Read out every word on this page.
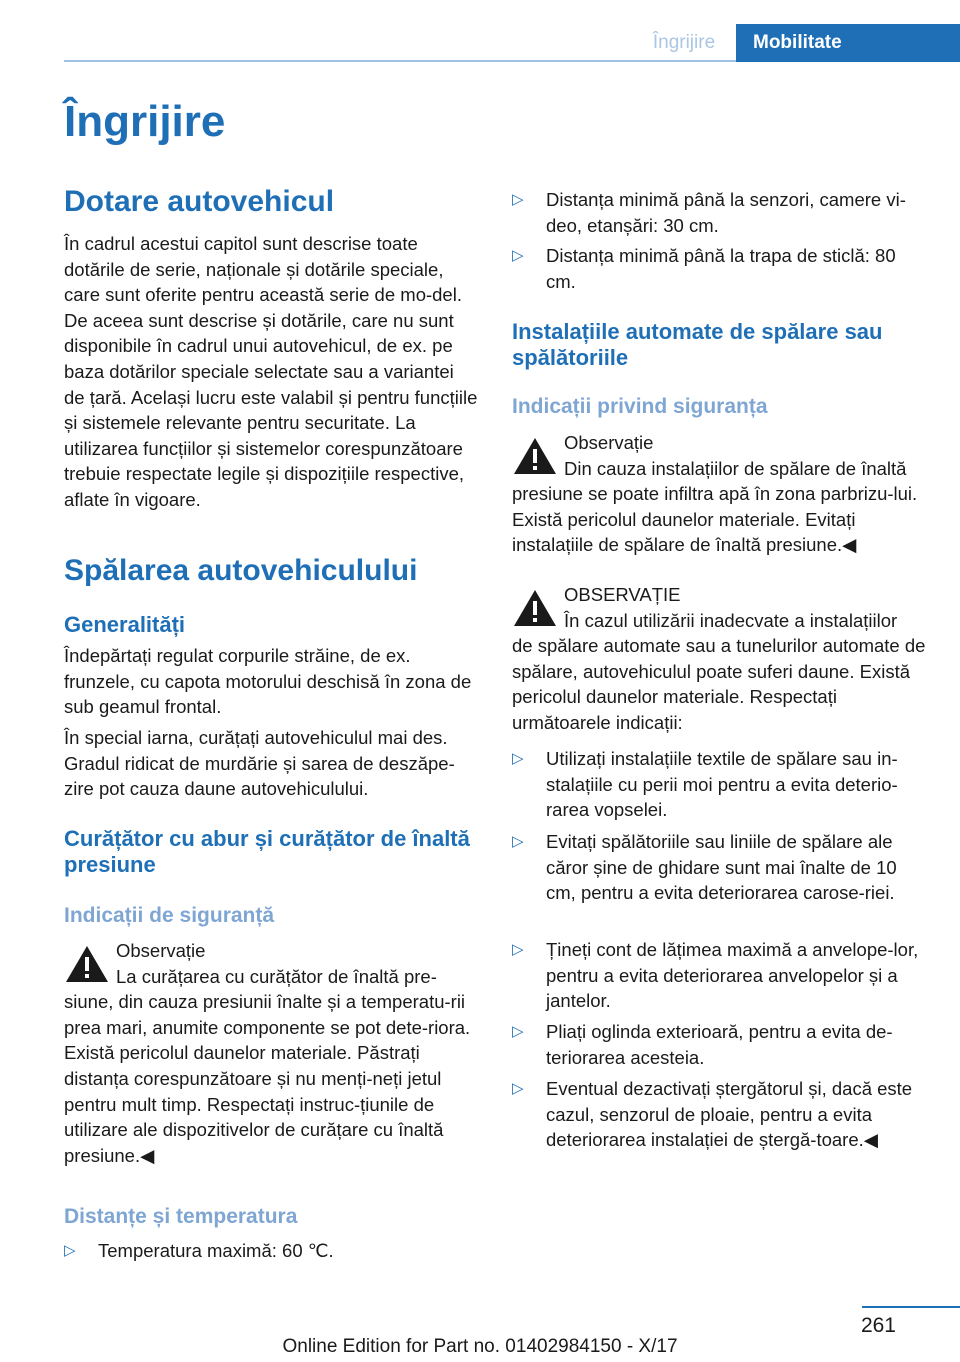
Îngrijire	Mobilitate
Îngrijire

Dotare autovehicul

În cadrul acestui capitol sunt descrise toate dotările de serie, naționale și dotările speciale, care sunt oferite pentru această serie de mo‐del. De aceea sunt descrise și dotările, care nu sunt disponibile în cadrul unui autovehicul, de ex. pe baza dotărilor speciale selectate sau a variantei de țară. Același lucru este valabil și pentru funcțiile și sistemele relevante pentru securitate. La utilizarea funcțiilor și sistemelor corespunzătoare trebuie respectate legile și dispozițiile respective, aflate în vigoare.

Spălarea autovehiculului

Generalități

Îndepărtați regulat corpurile străine, de ex. frunzele, cu capota motorului deschisă în zona de sub geamul frontal.

În special iarna, curățați autovehiculul mai des. Gradul ridicat de murdărie și sarea de deszăpe‐zire pot cauza daune autovehiculului.

Curățător cu abur și curățător de înaltă presiune

Indicații de siguranță

Observație

La curățarea cu curățător de înaltă pre‐
siune, din cauza presiunii înalte și a temperatu‐rii prea mari, anumite componente se pot dete‐riora. Există pericolul daunelor materiale. Păstrați distanța corespunzătoare și nu menți‐neți jetul pentru mult timp. Respectați instruc‐țiunile de utilizare ale dispozitivelor de curățare cu înaltă presiune.◀

Distanțe și temperatura

▷	Temperatura maximă: 60 ℃.
▷	Distanța minimă până la senzori, camere vi‐deo, etanșări: 30 cm.
▷	Distanța minimă până la trapa de sticlă: 80 cm.

Instalațiile automate de spălare sau spălătoriile

Indicații privind siguranța

Observație

Din cauza instalațiilor de spălare de înaltă
presiune se poate infiltra apă în zona parbrizu‐lui. Există pericolul daunelor materiale. Evitați instalațiile de spălare de înaltă presiune.◀

OBSERVAȚIE

În cazul utilizării inadecvate a instalațiilor
de spălare automate sau a tunelurilor automate de spălare, autovehiculul poate suferi daune. Există pericolul daunelor materiale. Respectați următoarele indicații:

▷	Utilizați instalațiile textile de spălare sau in‐stalațiile cu perii moi pentru a evita deterio‐rarea vopselei.
▷	Evitați spălătoriile sau liniile de spălare ale căror șine de ghidare sunt mai înalte de 10 cm, pentru a evita deteriorarea carose‐riei.
▷	Țineți cont de lățimea maximă a anvelope‐lor, pentru a evita deteriorarea anvelopelor și a jantelor.
▷	Pliați oglinda exterioară, pentru a evita de‐teriorarea acesteia.
▷	Eventual dezactivați ștergătorul și, dacă este cazul, senzorul de ploaie, pentru a evita deteriorarea instalației de ștergă‐toare.◀
261
Online Edition for Part no. 01402984150 - X/17
